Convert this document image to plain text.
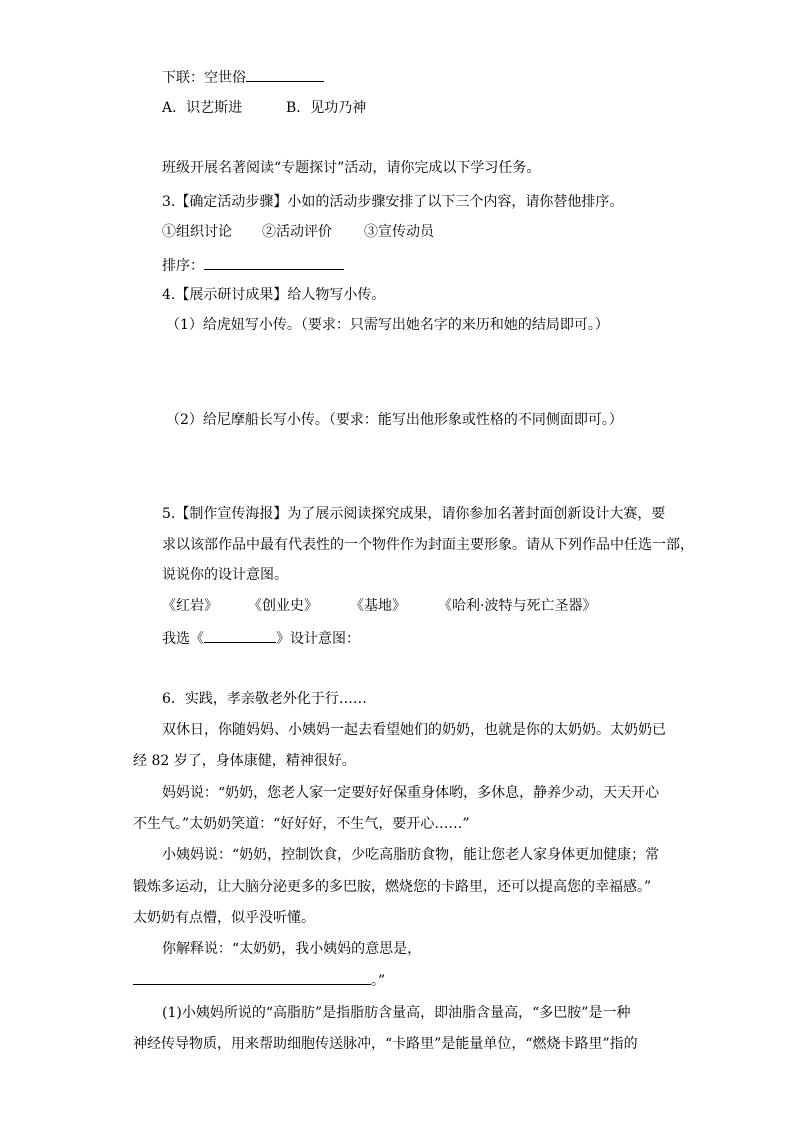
下联：空世俗
A．识艺斯进	B．见功乃神
班级开展名著阅读“专题探讨”活动，请你完成以下学习任务。
3.【确定活动步骤】小如的活动步骤安排了以下三个内容，请你替他排序。
①组织讨论 ②活动评价 ③宣传动员
排序：
4.【展示研讨成果】给人物写小传。
（1）给虎妞写小传。（要求：只需写出她名字的来历和她的结局即可。）
（2）给尼摩船长写小传。（要求：能写出他形象或性格的不同侧面即可。）
5.【制作宣传海报】为了展示阅读探究成果，请你参加名著封面创新设计大赛，要
求以该部作品中最有代表性的一个物件作为封面主要形象。请从下列作品中任选一部，
说说你的设计意图。
《红岩》 《创业史》 《基地》 《哈利·波特与死亡圣器》
我选《	》设计意图：
6．实践，孝亲敬老外化于行……
双休日，你随妈妈、小姨妈一起去看望她们的奶奶，也就是你的太奶奶。太奶奶已
经 82 岁了，身体康健，精神很好。
妈妈说：“奶奶，您老人家一定要好好保重身体哟，多休息，静养少动，天天开心
不生气。”太奶奶笑道：“好好好，不生气，要开心……”
小姨妈说：“奶奶，控制饮食，少吃高脂肪食物，能让您老人家身体更加健康；常
锻炼多运动，让大脑分泌更多的多巴胺，燃烧您的卡路里，还可以提高您的幸福感。”
太奶奶有点懵，似乎没听懂。
你解释说：“太奶奶，我小姨妈的意思是，
。”
(1)小姨妈所说的“高脂肪”是指脂肪含量高，即油脂含量高，“多巴胺”是一种
神经传导物质，用来帮助细胞传送脉冲，“卡路里”是能量单位，“燃烧卡路里”指的
